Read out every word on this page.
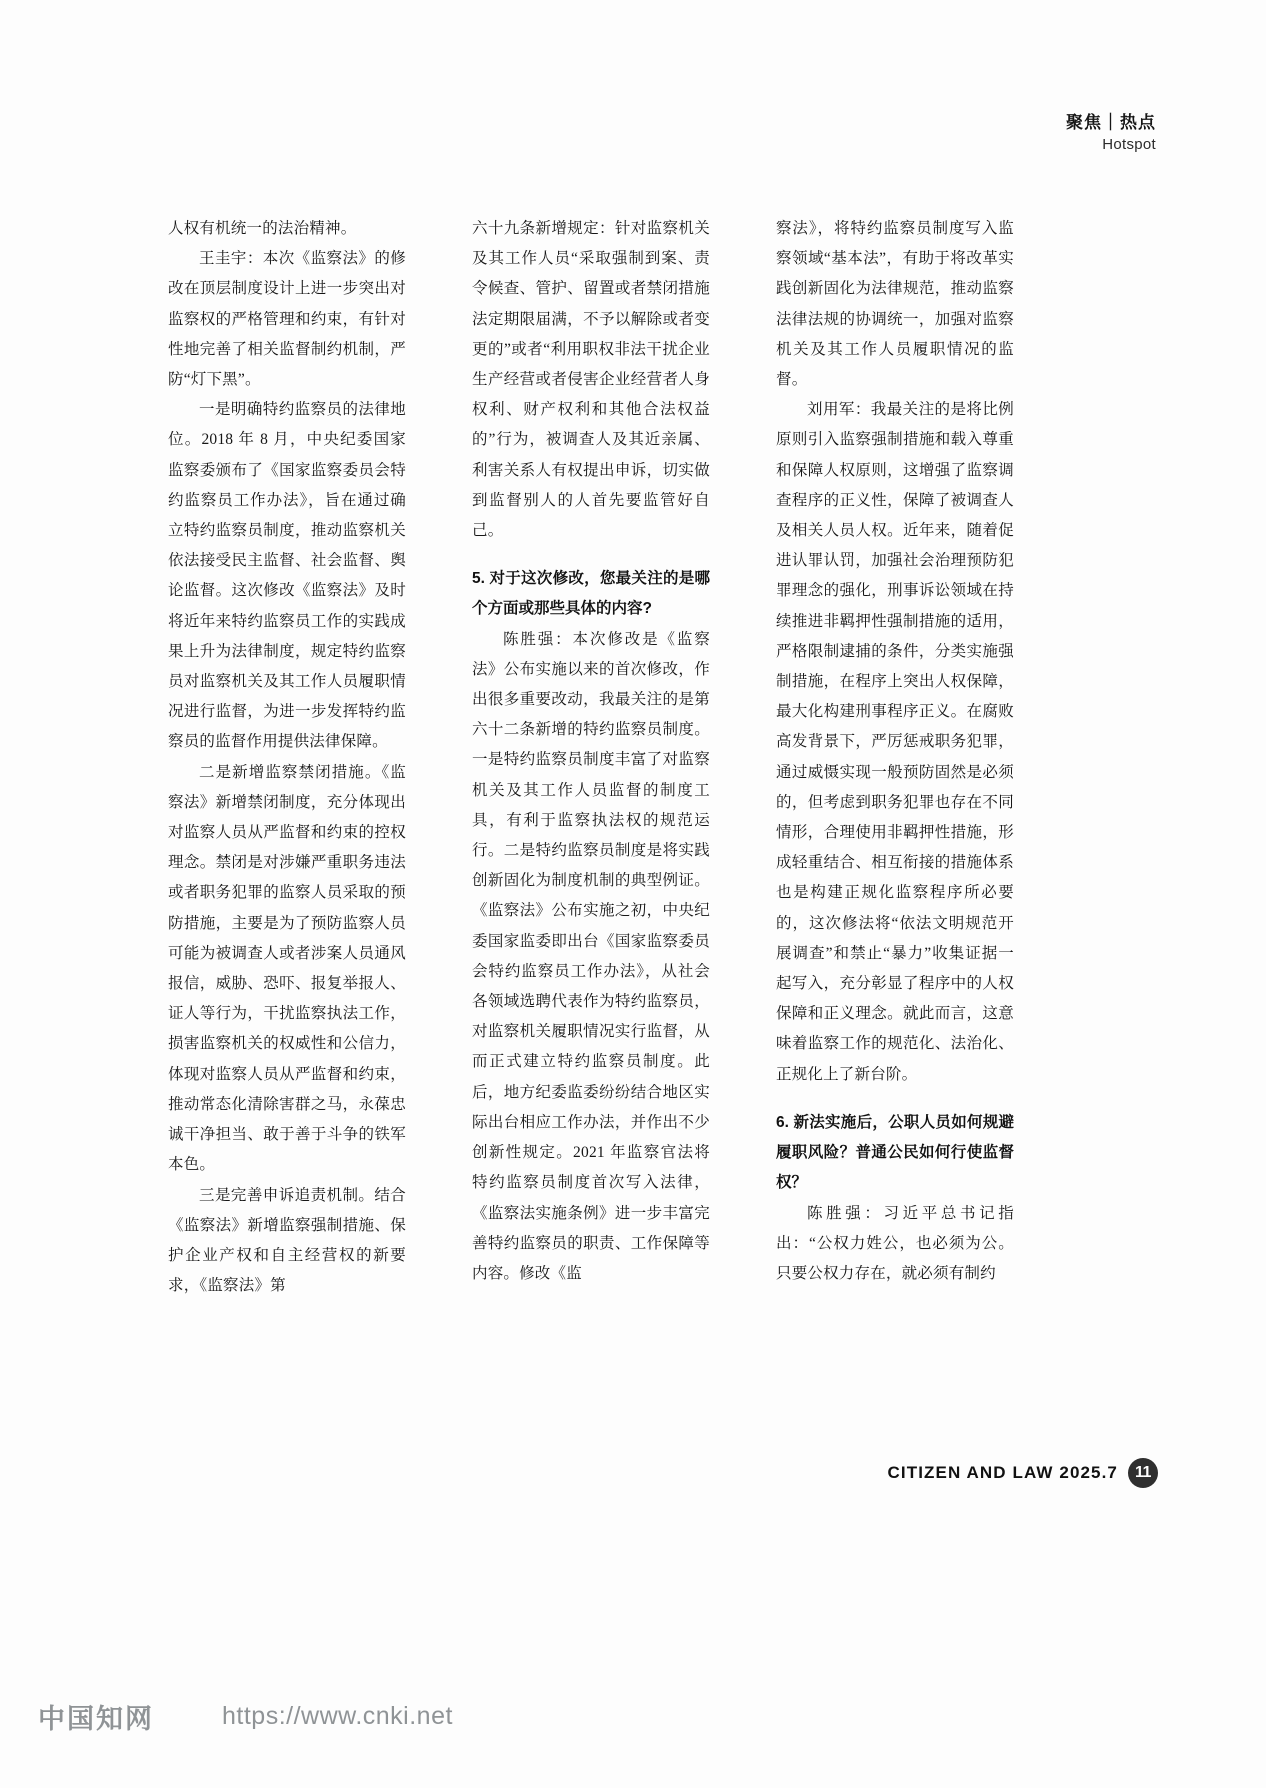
聚焦｜热点
Hotspot

人权有机统一的法治精神。

王圭宇：本次《监察法》的修改在顶层制度设计上进一步突出对监察权的严格管理和约束，有针对性地完善了相关监督制约机制，严防“灯下黑”。

一是明确特约监察员的法律地位。2018 年 8 月，中央纪委国家监察委颁布了《国家监察委员会特约监察员工作办法》，旨在通过确立特约监察员制度，推动监察机关依法接受民主监督、社会监督、舆论监督。这次修改《监察法》及时将近年来特约监察员工作的实践成果上升为法律制度，规定特约监察员对监察机关及其工作人员履职情况进行监督，为进一步发挥特约监察员的监督作用提供法律保障。

二是新增监察禁闭措施。《监察法》新增禁闭制度，充分体现出对监察人员从严监督和约束的控权理念。禁闭是对涉嫌严重职务违法或者职务犯罪的监察人员采取的预防措施，主要是为了预防监察人员可能为被调查人或者涉案人员通风报信，威胁、恐吓、报复举报人、证人等行为，干扰监察执法工作，损害监察机关的权威性和公信力，体现对监察人员从严监督和约束，推动常态化清除害群之马，永葆忠诚干净担当、敢于善于斗争的铁军本色。

三是完善申诉追责机制。结合《监察法》新增监察强制措施、保护企业产权和自主经营权的新要求，《监察法》第

六十九条新增规定：针对监察机关及其工作人员“采取强制到案、责令候查、管护、留置或者禁闭措施法定期限届满，不予以解除或者变更的”或者“利用职权非法干扰企业生产经营或者侵害企业经营者人身权利、财产权利和其他合法权益的”行为，被调查人及其近亲属、利害关系人有权提出申诉，切实做到监督别人的人首先要监管好自己。

5. 对于这次修改，您最关注的是哪个方面或那些具体的内容?

陈胜强：本次修改是《监察法》公布实施以来的首次修改，作出很多重要改动，我最关注的是第六十二条新增的特约监察员制度。一是特约监察员制度丰富了对监察机关及其工作人员监督的制度工具，有利于监察执法权的规范运行。二是特约监察员制度是将实践创新固化为制度机制的典型例证。《监察法》公布实施之初，中央纪委国家监委即出台《国家监察委员会特约监察员工作办法》，从社会各领域选聘代表作为特约监察员，对监察机关履职情况实行监督，从而正式建立特约监察员制度。此后，地方纪委监委纷纷结合地区实际出台相应工作办法，并作出不少创新性规定。2021 年监察官法将特约监察员制度首次写入法律，《监察法实施条例》进一步丰富完善特约监察员的职责、工作保障等内容。修改《监

察法》，将特约监察员制度写入监察领域“基本法”，有助于将改革实践创新固化为法律规范，推动监察法律法规的协调统一，加强对监察机关及其工作人员履职情况的监督。

刘用军：我最关注的是将比例原则引入监察强制措施和载入尊重和保障人权原则，这增强了监察调查程序的正义性，保障了被调查人及相关人员人权。近年来，随着促进认罪认罚，加强社会治理预防犯罪理念的强化，刑事诉讼领域在持续推进非羁押性强制措施的适用，严格限制逮捕的条件，分类实施强制措施，在程序上突出人权保障，最大化构建刑事程序正义。在腐败高发背景下，严厉惩戒职务犯罪，通过威慑实现一般预防固然是必须的，但考虑到职务犯罪也存在不同情形，合理使用非羁押性措施，形成轻重结合、相互衔接的措施体系也是构建正规化监察程序所必要的，这次修法将“依法文明规范开展调查”和禁止“暴力”收集证据一起写入，充分彰显了程序中的人权保障和正义理念。就此而言，这意味着监察工作的规范化、法治化、正规化上了新台阶。

6. 新法实施后，公职人员如何规避履职风险？普通公民如何行使监督权？

陈胜强：习近平总书记指出：“公权力姓公，也必须为公。只要公权力存在，就必须有制约

CITIZEN AND LAW 2025.7	11
中国知网	https://www.cnki.net
